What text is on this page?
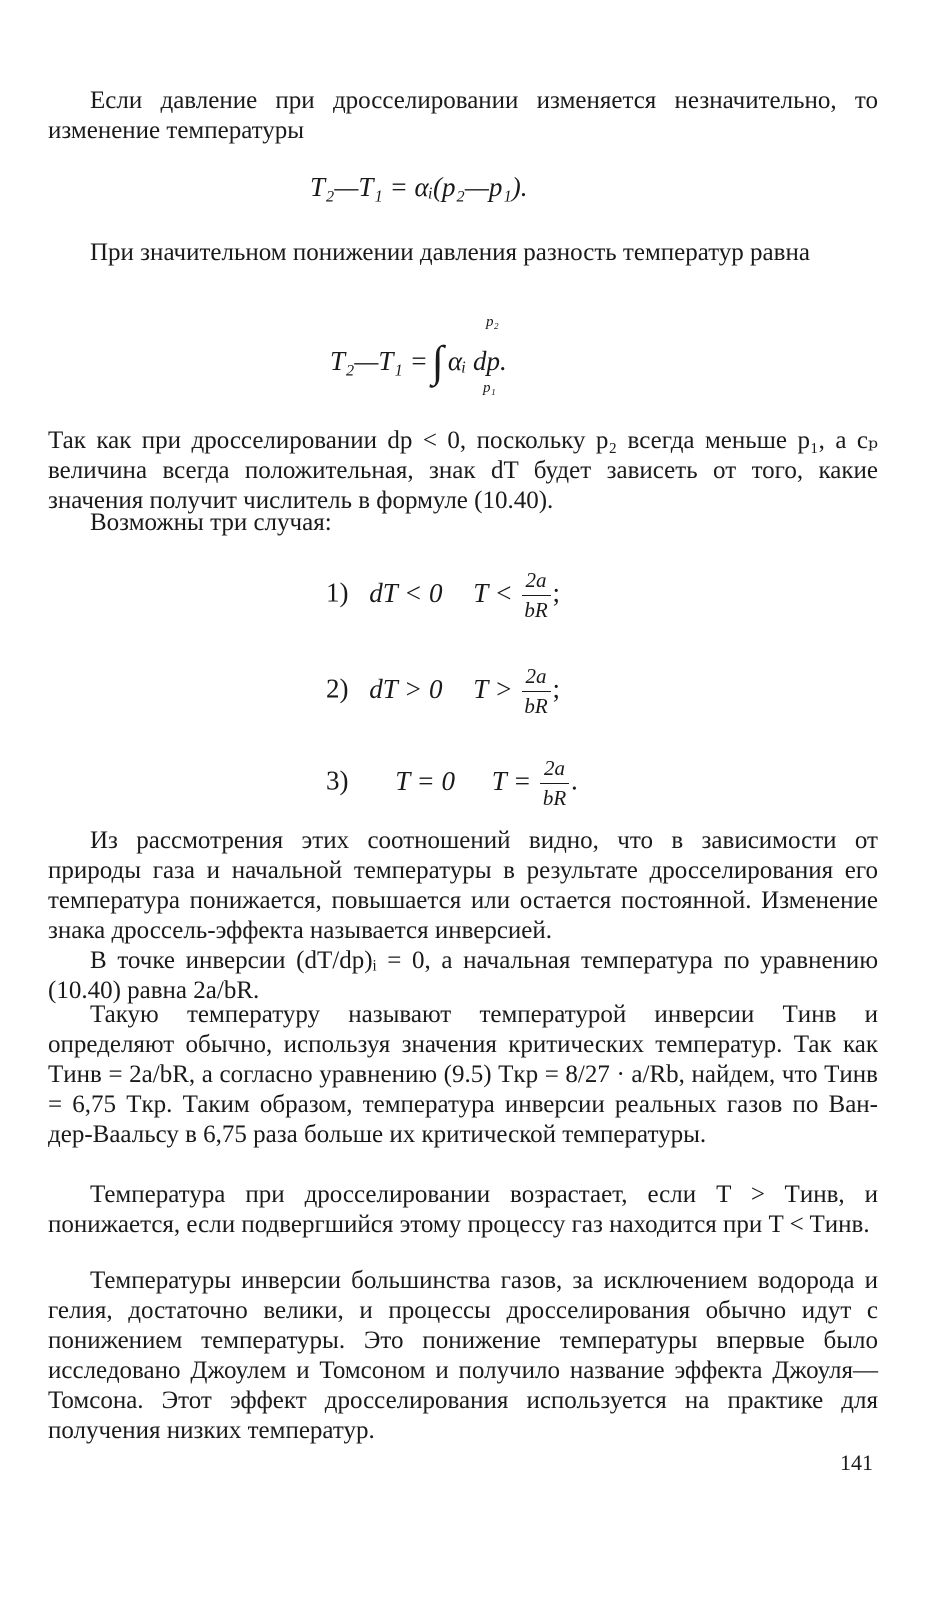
Если давление при дросселировании изменяется незначительно, то изменение температуры
T₂—T₁ = αᵢ(p₂—p₁).
При значительном понижении давления разность температур равна
T₂—T₁ =∫ αᵢ dp.
p₂
p₁
Так как при дросселировании dp < 0, поскольку p₂ всегда меньше p₁, а cₚ величина всегда положительная, знак dT будет зависеть от того, какие значения получит числитель в формуле (10.40).
Возможны три случая:
1) dT < 0 $T < \frac{2a}{bR}$ ;
2) dT > 0 $T > \frac{2a}{bR}$ ;
3) T = 0 $T = \frac{2a}{bR}$ .
Из рассмотрения этих соотношений видно, что в зависимости от природы газа и начальной температуры в результате дросселирования его температура понижается, повышается или остается постоянной. Изменение знака дроссель-эффекта называется инверсией.
В точке инверсии (dT/dp)ᵢ = 0, а начальная температура по уравнению (10.40) равна 2a/bR.
Такую температуру называют температурой инверсии Tинв и определяют обычно, используя значения критических температур. Так как Tинв = 2a/bR, а согласно уравнению (9.5) Tкр = 8/27 · a/Rb, найдем, что Tинв = 6,75 Tкр. Таким образом, температура инверсии реальных газов по Ван-дер-Ваальсу в 6,75 раза больше их критической температуры.
Температура при дросселировании возрастает, если T > Tинв, и понижается, если подвергшийся этому процессу газ находится при T < Tинв.
Температуры инверсии большинства газов, за исключением водорода и гелия, достаточно велики, и процессы дросселирования обычно идут с понижением температуры. Это понижение температуры впервые было исследовано Джоулем и Томсоном и получило название эффекта Джоуля—Томсона. Этот эффект дросселирования используется на практике для получения низких температур.
141
